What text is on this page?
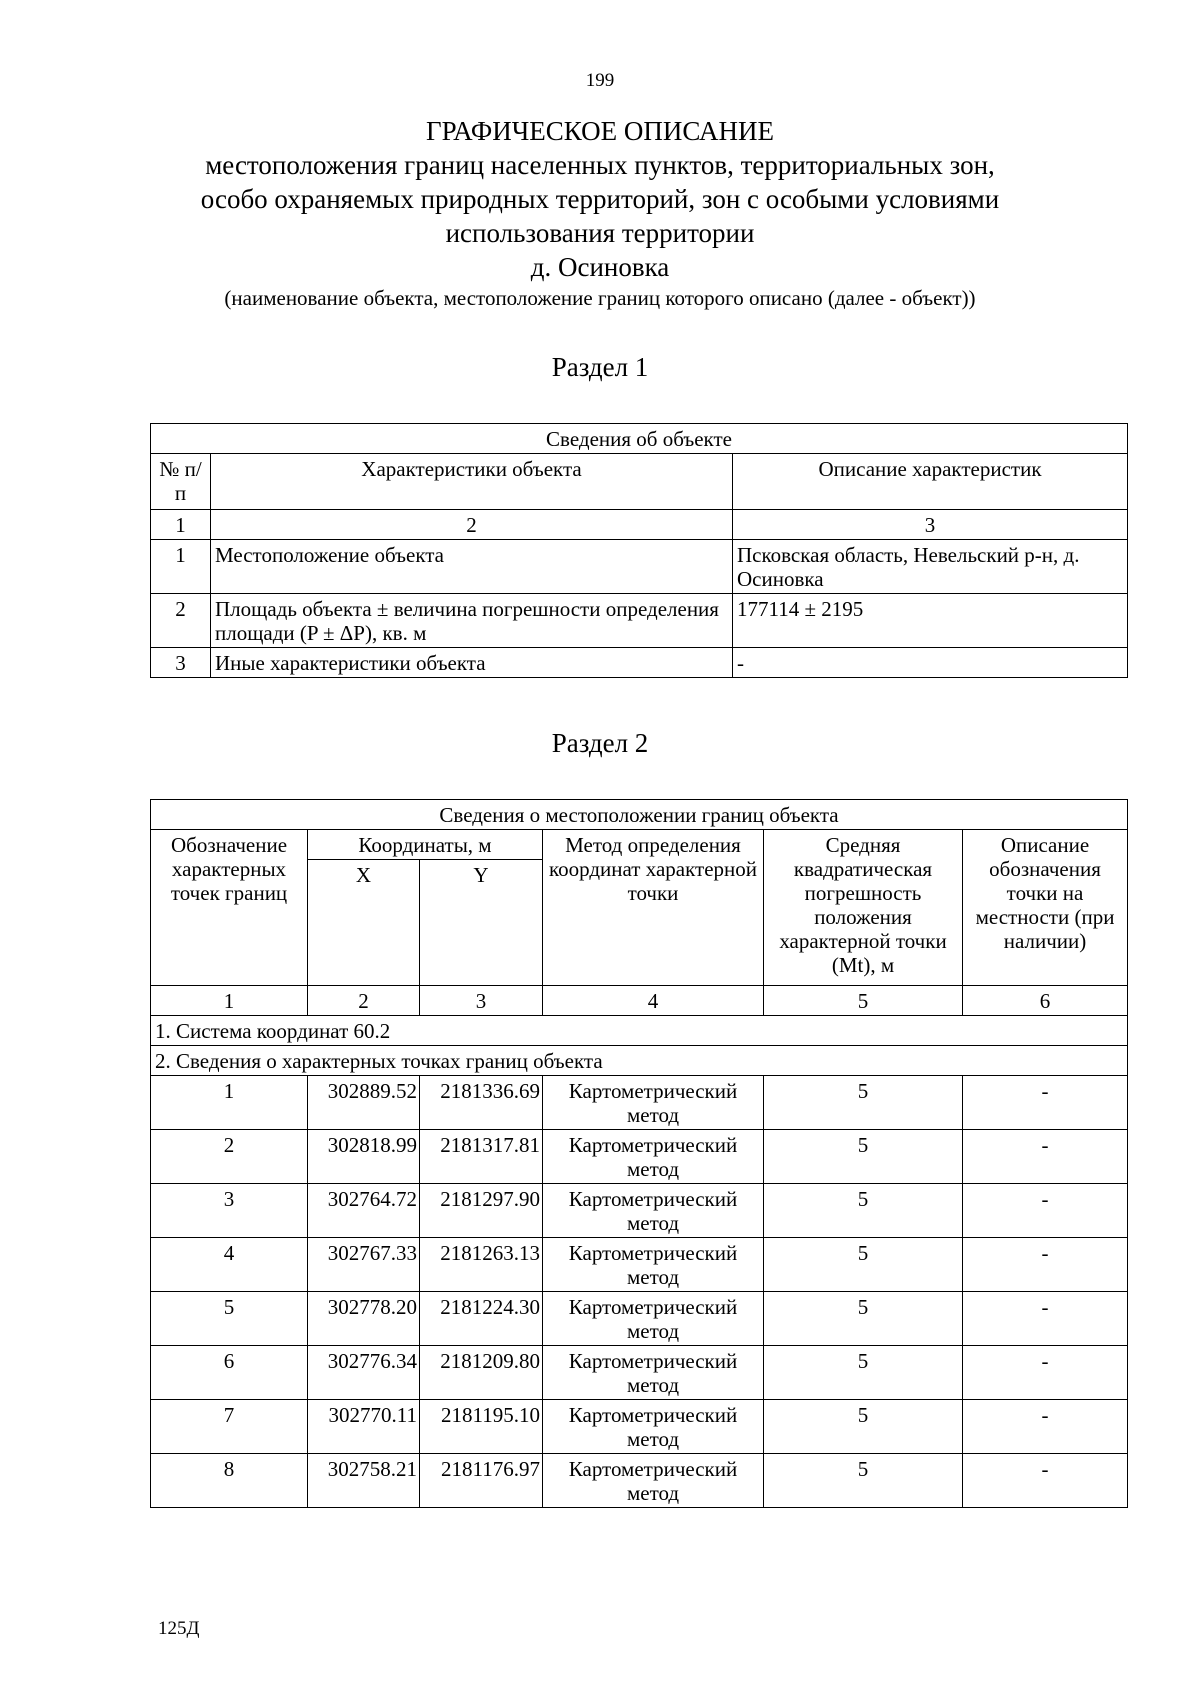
199
ГРАФИЧЕСКОЕ ОПИСАНИЕ
местоположения границ населенных пунктов, территориальных зон,
особо охраняемых природных территорий, зон с особыми условиями
использования территории
д. Осиновка
(наименование объекта, местоположение границ которого описано (далее - объект))
Раздел 1
Сведения об объекте		
№ п/п	Характеристики объекта	Описание характеристик
1	2	3
1	Местоположение объекта	Псковская область, Невельский р-н, д. Осиновка
2	Площадь объекта ± величина погрешности определения площади (P ± ΔP), кв. м	177114 ± 2195
3	Иные характеристики объекта	-
Раздел 2
Сведения о местоположении границ объекта					
Обозначение характерных точек границ	Координаты, м		Метод определения координат характерной точки	Средняя квадратическая погрешность положения характерной точки (Mt), м	Описание обозначения точки на местности (при наличии)
	X	Y			
1	2	3	4	5	6
1. Система координат 60.2					
2. Сведения о характерных точках границ объекта					
1	302889.52	2181336.69	Картометрический метод	5	-
2	302818.99	2181317.81	Картометрический метод	5	-
3	302764.72	2181297.90	Картометрический метод	5	-
4	302767.33	2181263.13	Картометрический метод	5	-
5	302778.20	2181224.30	Картометрический метод	5	-
6	302776.34	2181209.80	Картометрический метод	5	-
7	302770.11	2181195.10	Картометрический метод	5	-
8	302758.21	2181176.97	Картометрический метод	5	-
125Д
